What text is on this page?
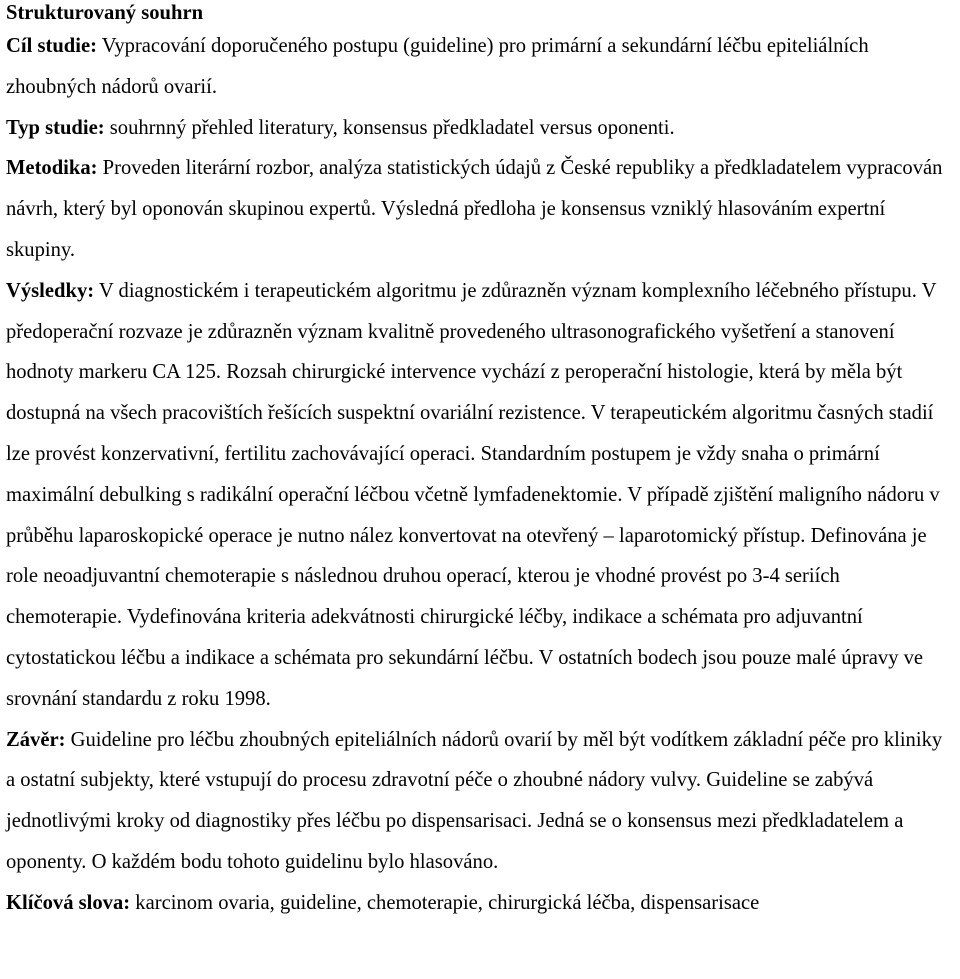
Strukturovaný souhrn

Cíl studie: Vypracování doporučeného postupu (guideline) pro primární a sekundární léčbu epiteliálních zhoubných nádorů ovarií.

Typ studie: souhrnný přehled literatury, konsensus předkladatel versus oponenti.

Metodika: Proveden literární rozbor, analýza statistických údajů z České republiky a předkladatelem vypracován návrh, který byl oponován skupinou expertů. Výsledná předloha je konsensus vzniklý hlasováním expertní skupiny.

Výsledky: V diagnostickém i terapeutickém algoritmu je zdůrazněn význam komplexního léčebného přístupu. V předoperační rozvaze je zdůrazněn význam kvalitně provedeného ultrasonografického vyšetření a stanovení hodnoty markeru CA 125. Rozsah chirurgické intervence vychází z peroperační histologie, která by měla být dostupná na všech pracovištích řešících suspektní ovariální rezistence. V terapeutickém algoritmu časných stadií lze provést konzervativní, fertilitu zachovávající operaci. Standardním postupem je vždy snaha o primární maximální debulking s radikální operační léčbou včetně lymfadenektomie. V případě zjištění maligního nádoru v průběhu laparoskopické operace je nutno nález konvertovat na otevřený – laparotomický přístup. Definována je role neoadjuvantní chemoterapie s následnou druhou operací, kterou je vhodné provést po 3-4 seriích chemoterapie. Vydefinována kriteria adekvátnosti chirurgické léčby, indikace a schémata pro adjuvantní cytostatickou léčbu a indikace a schémata pro sekundární léčbu. V ostatních bodech jsou pouze malé úpravy ve srovnání standardu z roku 1998.

Závěr: Guideline pro léčbu zhoubných epiteliálních nádorů ovarií by měl být vodítkem základní péče pro kliniky a ostatní subjekty, které vstupují do procesu zdravotní péče o zhoubné nádory vulvy. Guideline se zabývá jednotlivými kroky od diagnostiky přes léčbu po dispensarisaci. Jedná se o konsensus mezi předkladatelem a oponenty. O každém bodu tohoto guidelinu bylo hlasováno.

Klíčová slova: karcinom ovaria, guideline, chemoterapie, chirurgická léčba, dispensarisace
